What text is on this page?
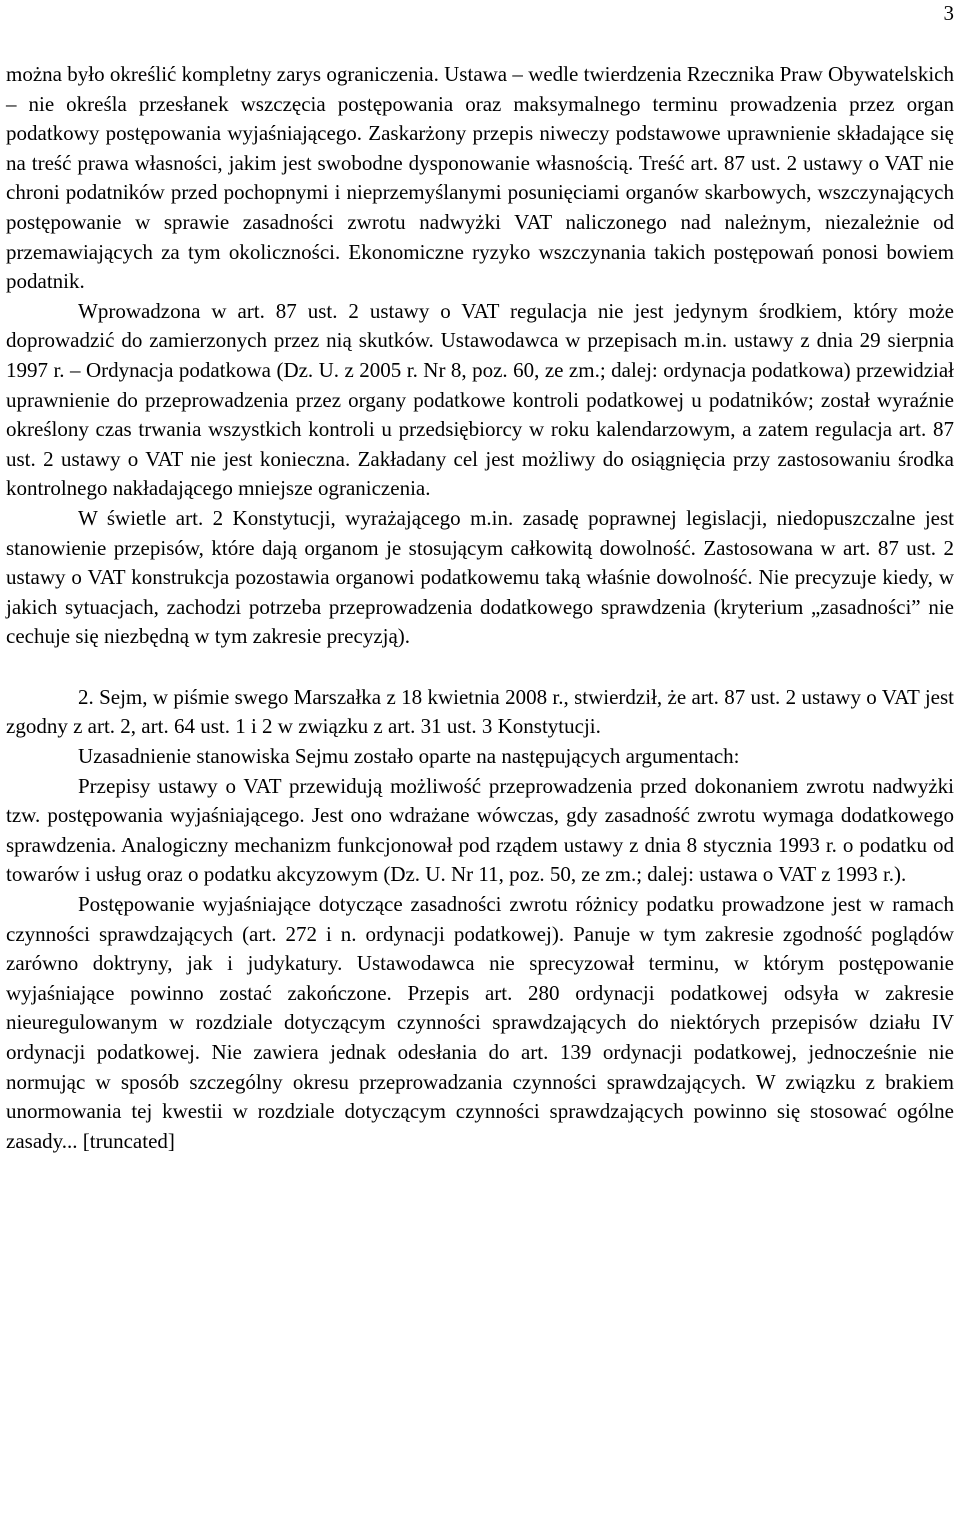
3

można było określić kompletny zarys ograniczenia. Ustawa – wedle twierdzenia Rzecznika Praw Obywatelskich – nie określa przesłanek wszczęcia postępowania oraz maksymalnego terminu prowadzenia przez organ podatkowy postępowania wyjaśniającego. Zaskarżony przepis niweczy podstawowe uprawnienie składające się na treść prawa własności, jakim jest swobodne dysponowanie własnością. Treść art. 87 ust. 2 ustawy o VAT nie chroni podatników przed pochopnymi i nieprzemyślanymi posunięciami organów skarbowych, wszczynających postępowanie w sprawie zasadności zwrotu nadwyżki VAT naliczonego nad należnym, niezależnie od przemawiających za tym okoliczności. Ekonomiczne ryzyko wszczynania takich postępowań ponosi bowiem podatnik.

Wprowadzona w art. 87 ust. 2 ustawy o VAT regulacja nie jest jedynym środkiem, który może doprowadzić do zamierzonych przez nią skutków. Ustawodawca w przepisach m.in. ustawy z dnia 29 sierpnia 1997 r. – Ordynacja podatkowa (Dz. U. z 2005 r. Nr 8, poz. 60, ze zm.; dalej: ordynacja podatkowa) przewidział uprawnienie do przeprowadzenia przez organy podatkowe kontroli podatkowej u podatników; został wyraźnie określony czas trwania wszystkich kontroli u przedsiębiorcy w roku kalendarzowym, a zatem regulacja art. 87 ust. 2 ustawy o VAT nie jest konieczna. Zakładany cel jest możliwy do osiągnięcia przy zastosowaniu środka kontrolnego nakładającego mniejsze ograniczenia.

W świetle art. 2 Konstytucji, wyrażającego m.in. zasadę poprawnej legislacji, niedopuszczalne jest stanowienie przepisów, które dają organom je stosującym całkowitą dowolność. Zastosowana w art. 87 ust. 2 ustawy o VAT konstrukcja pozostawia organowi podatkowemu taką właśnie dowolność. Nie precyzuje kiedy, w jakich sytuacjach, zachodzi potrzeba przeprowadzenia dodatkowego sprawdzenia (kryterium „zasadności” nie cechuje się niezbędną w tym zakresie precyzją).

2. Sejm, w piśmie swego Marszałka z 18 kwietnia 2008 r., stwierdził, że art. 87 ust. 2 ustawy o VAT jest zgodny z art. 2, art. 64 ust. 1 i 2 w związku z art. 31 ust. 3 Konstytucji.

Uzasadnienie stanowiska Sejmu zostało oparte na następujących argumentach:

Przepisy ustawy o VAT przewidują możliwość przeprowadzenia przed dokonaniem zwrotu nadwyżki tzw. postępowania wyjaśniającego. Jest ono wdrażane wówczas, gdy zasadność zwrotu wymaga dodatkowego sprawdzenia. Analogiczny mechanizm funkcjonował pod rządem ustawy z dnia 8 stycznia 1993 r. o podatku od towarów i usług oraz o podatku akcyzowym (Dz. U. Nr 11, poz. 50, ze zm.; dalej: ustawa o VAT z 1993 r.).

Postępowanie wyjaśniające dotyczące zasadności zwrotu różnicy podatku prowadzone jest w ramach czynności sprawdzających (art. 272 i n. ordynacji podatkowej). Panuje w tym zakresie zgodność poglądów zarówno doktryny, jak i judykatury. Ustawodawca nie sprecyzował terminu, w którym postępowanie wyjaśniające powinno zostać zakończone. Przepis art. 280 ordynacji podatkowej odsyła w zakresie nieuregulowanym w rozdziale dotyczącym czynności sprawdzających do niektórych przepisów działu IV ordynacji podatkowej. Nie zawiera jednak odesłania do art. 139 ordynacji podatkowej, jednocześnie nie normując w sposób szczególny okresu przeprowadzania czynności sprawdzających. W związku z brakiem unormowania tej kwestii w rozdziale dotyczącym czynności sprawdzających powinno się stosować ogólne zasady... [truncated]
